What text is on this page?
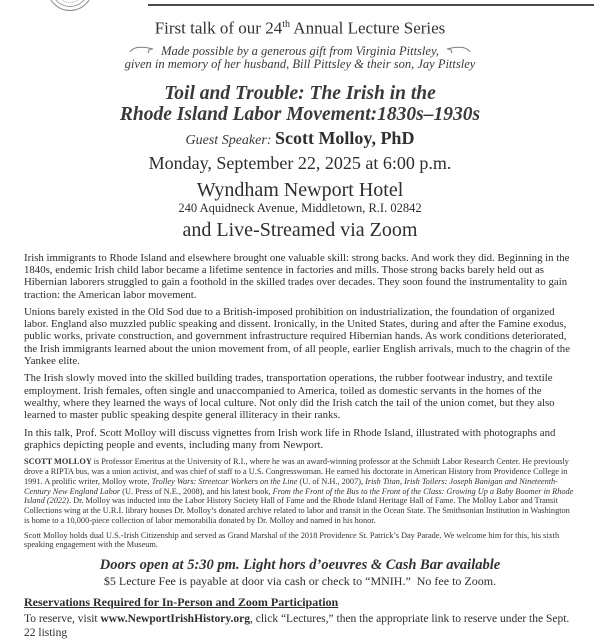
First talk of our 24th Annual Lecture Series
Made possible by a generous gift from Virginia Pittsley,
given in memory of her husband, Bill Pittsley & their son, Jay Pittsley
Toil and Trouble: The Irish in the
Rhode Island Labor Movement:1830s–1930s
Guest Speaker: Scott Molloy, PhD
Monday, September 22, 2025 at 6:00 p.m.
Wyndham Newport Hotel
240 Aquidneck Avenue, Middletown, R.I. 02842
and Live-Streamed via Zoom

Irish immigrants to Rhode Island and elsewhere brought one valuable skill: strong backs. And work they did. Beginning in the 1840s, endemic Irish child labor became a lifetime sentence in factories and mills. Those strong backs barely held out as Hibernian laborers struggled to gain a foothold in the skilled trades over decades. They soon found the instrumentality to gain traction: the American labor movement.

Unions barely existed in the Old Sod due to a British-imposed prohibition on industrialization, the foundation of organized labor. England also muzzled public speaking and dissent. Ironically, in the United States, during and after the Famine exodus, public works, private construction, and government infrastructure required Hibernian hands. As work conditions deteriorated, the Irish immigrants learned about the union movement from, of all people, earlier English arrivals, much to the chagrin of the Yankee elite.

The Irish slowly moved into the skilled building trades, transportation operations, the rubber footwear industry, and textile employment. Irish females, often single and unaccompanied to America, toiled as domestic servants in the homes of the wealthy, where they learned the ways of local culture. Not only did the Irish catch the tail of the union comet, but they also learned to master public speaking despite general illiteracy in their ranks.

In this talk, Prof. Scott Molloy will discuss vignettes from Irish work life in Rhode Island, illustrated with photographs and graphics depicting people and events, including many from Newport.

SCOTT MOLLOY is Professor Emeritus at the University of R.I., where he was an award-winning professor at the Schmidt Labor Research Center. He previously drove a RIPTA bus, was a union activist, and was chief of staff to a U.S. Congresswoman. He earned his doctorate in American History from Providence College in 1991. A prolific writer, Molloy wrote, Trolley Wars: Streetcar Workers on the Line (U. of N.H., 2007), Irish Titan, Irish Toilers: Joseph Banigan and Nineteenth-Century New England Labor (U. Press of N.E., 2008), and his latest book, From the Front of the Bus to the Front of the Class: Growing Up a Baby Boomer in Rhode Island (2022). Dr. Molloy was inducted into the Labor History Society Hall of Fame and the Rhode Island Heritage Hall of Fame. The Molloy Labor and Transit Collections wing at the U.R.I. library houses Dr. Molloy’s donated archive related to labor and transit in the Ocean State. The Smithsonian Institution in Washington is home to a 10,000-piece collection of labor memorabilia donated by Dr. Molloy and named in his honor.

Scott Molloy holds dual U.S.-Irish Citizenship and served as Grand Marshal of the 2018 Providence St. Patrick’s Day Parade. We welcome him for this, his sixth speaking engagement with the Museum.

Doors open at 5:30 pm. Light hors d’oeuvres & Cash Bar available
$5 Lecture Fee is payable at door via cash or check to “MNIH.”  No fee to Zoom.
Reservations Required for In-Person and Zoom Participation
To reserve, visit www.NewportIrishHistory.org, click “Lectures,” then the appropriate link to reserve under the Sept. 22 listing
